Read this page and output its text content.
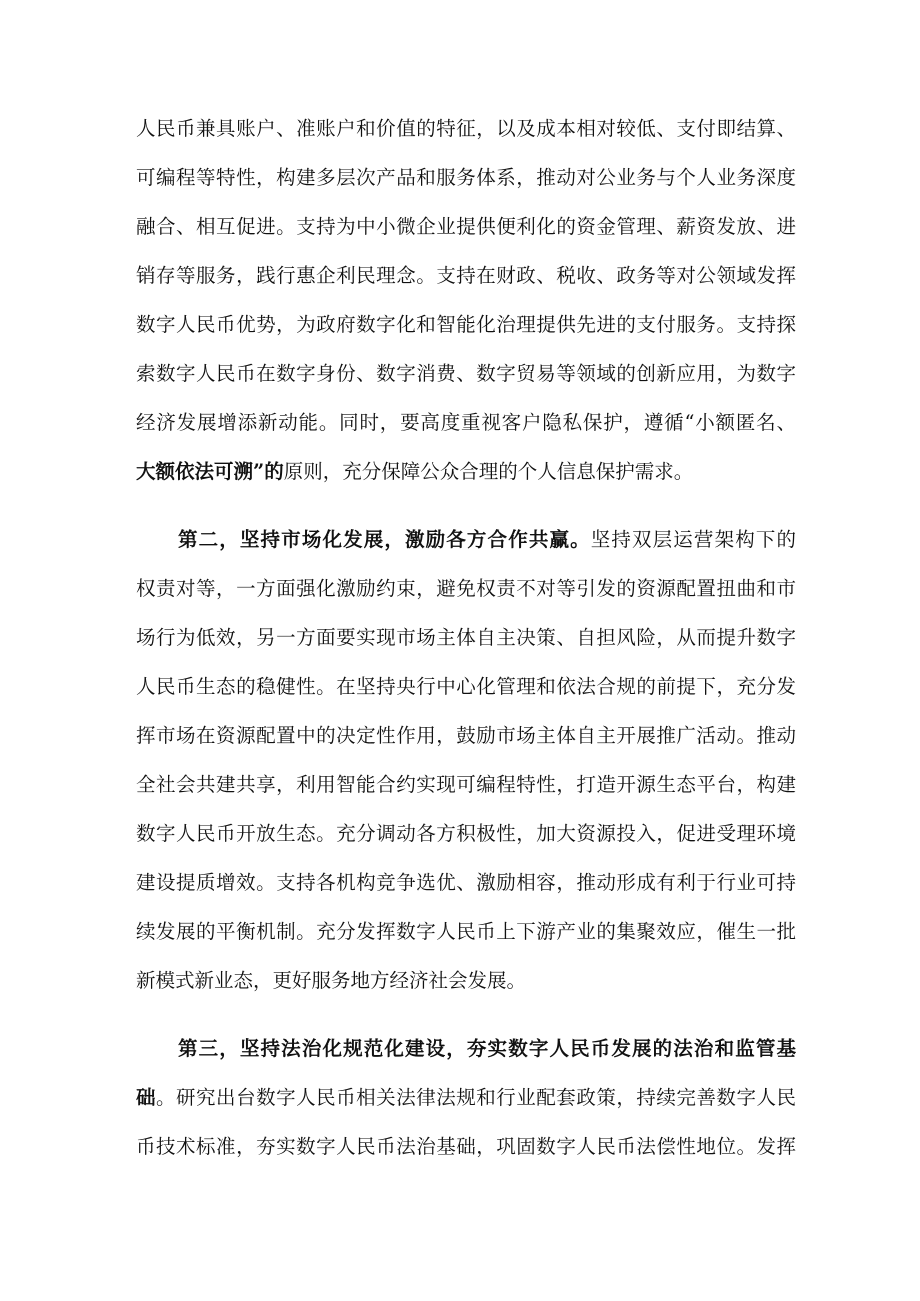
人民币兼具账户、准账户和价值的特征，以及成本相对较低、支付即结算、
可编程等特性，构建多层次产品和服务体系，推动对公业务与个人业务深度
融合、相互促进。支持为中小微企业提供便利化的资金管理、薪资发放、进
销存等服务，践行惠企利民理念。支持在财政、税收、政务等对公领域发挥
数字人民币优势，为政府数字化和智能化治理提供先进的支付服务。支持探
索数字人民币在数字身份、数字消费、数字贸易等领域的创新应用，为数字
经济发展增添新动能。同时，要高度重视客户隐私保护，遵循“小额匿名、
大额依法可溯”的原则，充分保障公众合理的个人信息保护需求。
第二，坚持市场化发展，激励各方合作共赢。坚持双层运营架构下的
权责对等，一方面强化激励约束，避免权责不对等引发的资源配置扭曲和市
场行为低效，另一方面要实现市场主体自主决策、自担风险，从而提升数字
人民币生态的稳健性。在坚持央行中心化管理和依法合规的前提下，充分发
挥市场在资源配置中的决定性作用，鼓励市场主体自主开展推广活动。推动
全社会共建共享，利用智能合约实现可编程特性，打造开源生态平台，构建
数字人民币开放生态。充分调动各方积极性，加大资源投入，促进受理环境
建设提质增效。支持各机构竞争选优、激励相容，推动形成有利于行业可持
续发展的平衡机制。充分发挥数字人民币上下游产业的集聚效应，催生一批
新模式新业态，更好服务地方经济社会发展。
第三，坚持法治化规范化建设，夯实数字人民币发展的法治和监管基
础。研究出台数字人民币相关法律法规和行业配套政策，持续完善数字人民
币技术标准，夯实数字人民币法治基础，巩固数字人民币法偿性地位。发挥
